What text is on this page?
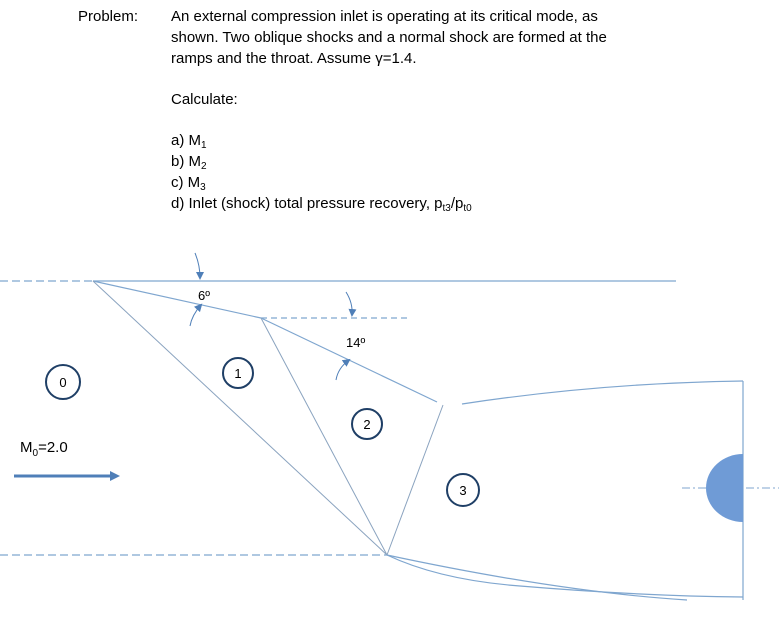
Problem: An external compression inlet is operating at its critical mode, as
shown. Two oblique shocks and a normal shock are formed at the
ramps and the throat. Assume γ=1.4.
Calculate:
a) $M_1$
b) $M_2$
c) $M_3$
d) Inlet (shock) total pressure recovery, $p_{t3}/p_{t0}$
6º
14º
$M_0=2.0$
0
1
2
3
